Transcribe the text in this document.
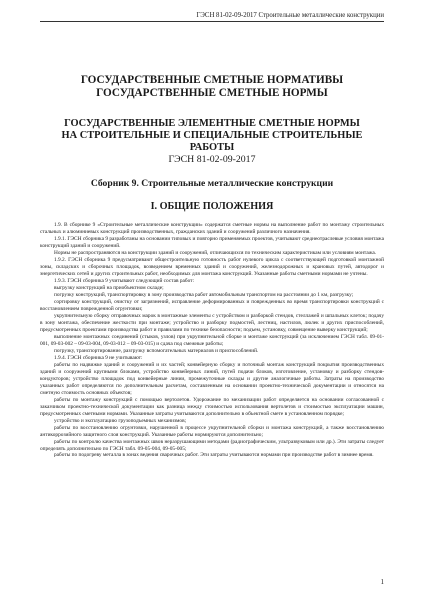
ГЭСН 81-02-09-2017 Строительные металлические конструкции
ГОСУДАРСТВЕННЫЕ СМЕТНЫЕ НОРМАТИВЫ
ГОСУДАРСТВЕННЫЕ СМЕТНЫЕ НОРМЫ
ГОСУДАРСТВЕННЫЕ ЭЛЕМЕНТНЫЕ СМЕТНЫЕ НОРМЫ
НА СТРОИТЕЛЬНЫЕ И СПЕЦИАЛЬНЫЕ СТРОИТЕЛЬНЫЕ РАБОТЫ
ГЭСН 81-02-09-2017
Сборник 9. Строительные металлические конструкции
I. ОБЩИЕ ПОЛОЖЕНИЯ

1.9. В сборнике 9 «Строительные металлические конструкции» содержатся сметные нормы на выполнение работ по монтажу строительных стальных и алюминиевых конструкций производственных, гражданских зданий и сооружений различного назначения.

1.9.1. ГЭСН сборника 9 разработаны на основании типовых и повторно применяемых проектов, учитывают среднеотраслевые условия монтажа конструкций зданий и сооружений.

Нормы не распространяются на конструкции зданий и сооружений, отличающихся по техническим характеристикам или условиям монтажа.

1.9.2. ГЭСН сборника 9 предусматривают общестроительную готовность работ нулевого цикла с соответствующей подготовкой монтажной зоны, складских и сборочных площадок, возведением временных зданий и сооружений, железнодорожных и крановых путей, автодорог и энергетических сетей и других строительных работ, необходимых для монтажа конструкций. Указанные работы сметными нормами не учтены.

1.9.3. ГЭСН сборника 9 учитывают следующий состав работ:

выгрузку конструкций на приобъектном складе;

погрузку конструкций, транспортировку в зону производства работ автомобильным транспортом на расстоянии до 1 км, разгрузку;

сортировку конструкций, очистку от загрязнений, исправление деформированных и поврежденных во время транспортировки конструкций с восстановлением поврежденной огрунтовки;

укрупнительную сборку отправочных марок в монтажные элементы с устройством и разборкой стендов, стеллажей и шпальных клеток; подачу в зону монтажа, обеспечение жесткости при монтаже; устройство и разборку подмостей, лестниц, настилов, люлек и других приспособлений, предусмотренных проектами производства работ и правилами по технике безопасности; подъем, установку, совмещение выверку конструкций;

выполнение монтажных соединений (стыков, узлов) при укрупнительной сборке и монтаже конструкций (за исключением ГЭСН табл. 09-01-001, 09-03-002 – 09-03-004, 09-03-012 – 09-03-015) и сдача под смежные работы;

погрузку, транспортирование, разгрузку вспомогательных материалов и приспособлений.

1.9.4. ГЭСН сборника 9 не учитывают:

работы по надвижке зданий и сооружений и их частей; конвейерную сборку и поточный монтаж конструкций покрытия производственных зданий и сооружений крупными блоками, устройство конвейерных линий, путей подачи блоков, изготовление, установку и разборку стендов-кондукторов; устройство площадок под конвейерные линии, промежуточные склады и другие аналогичные работы. Затраты на производство указанных работ определяются по дополнительным расчетам, составленным на основании проектно-технической документации и относятся на сметную стоимость основных объектов;

работы по монтажу конструкций с помощью вертолетов. Удорожание по механизации работ определяется на основании согласованной с заказчиком проектно-технической документации как разница между стоимостью использования вертолетов и стоимостью эксплуатации машин, предусмотренных сметными нормами. Указанные затраты учитываются дополнительно в объектной смете в установленном порядке;

устройство и эксплуатацию грузоподъемных механизмов;

работы по восстановлению огрунтовки, нарушенной в процессе укрупнительной сборки и монтажа конструкций, а также восстановлению антикоррозийного защитного слоя конструкций. Указанные работы нормируются дополнительно;

работы по контролю качества монтажных швов неразрушающими методами (радиографическим, ультразвуковым или др.). Эти затраты следует определять дополнительно по ГЭСН табл. 09-05-004, 09-05-005;

работы по подогреву металла в зонах ведения сварочных работ. Эти затраты учитываются нормами при производстве работ в зимнее время.

1
